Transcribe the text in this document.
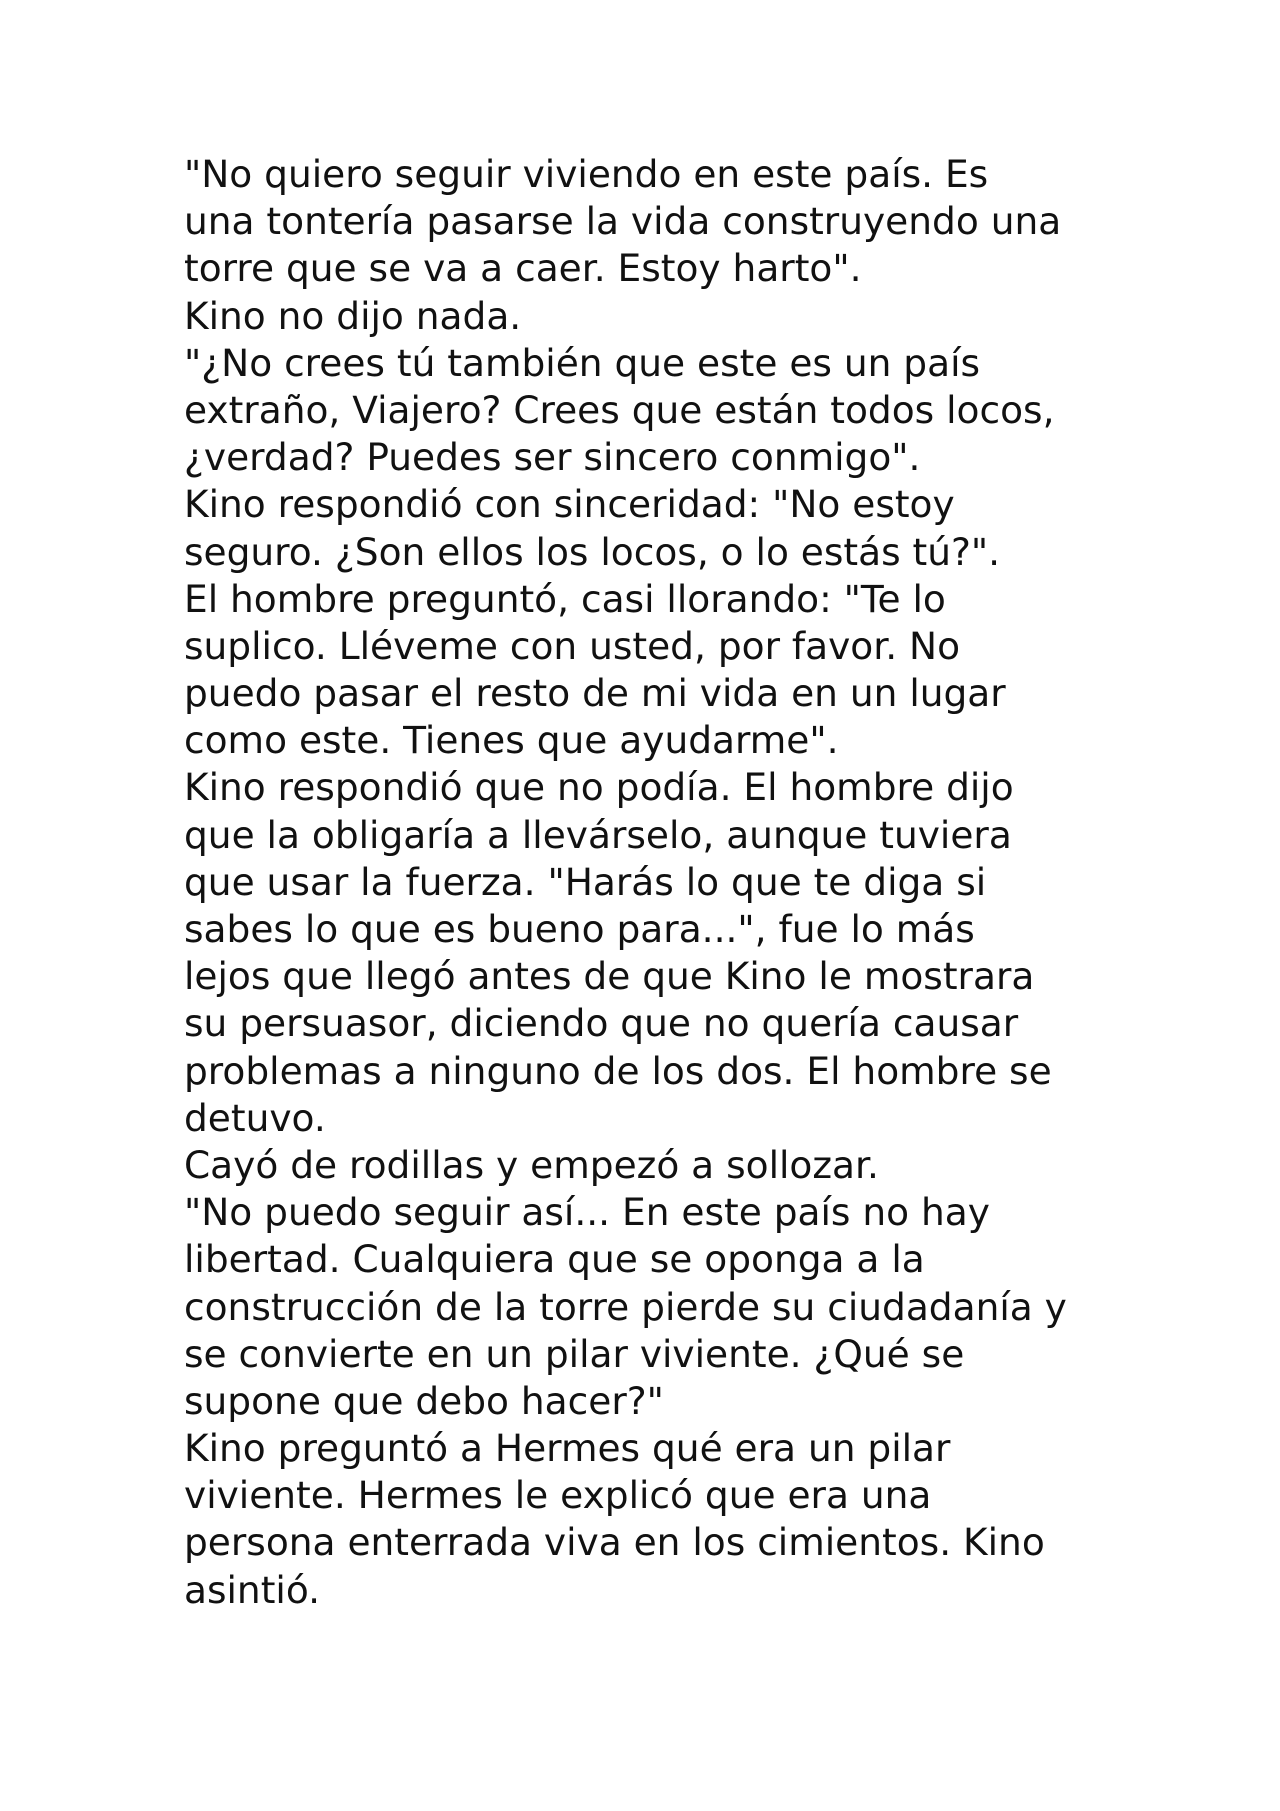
"No quiero seguir viviendo en este país. Es
una tontería pasarse la vida construyendo una
torre que se va a caer. Estoy harto".
Kino no dijo nada.
"¿No crees tú también que este es un país
extraño, Viajero? Crees que están todos locos,
¿verdad? Puedes ser sincero conmigo".
Kino respondió con sinceridad: "No estoy
seguro. ¿Son ellos los locos, o lo estás tú?".
El hombre preguntó, casi llorando: "Te lo
suplico. Lléveme con usted, por favor. No
puedo pasar el resto de mi vida en un lugar
como este. Tienes que ayudarme".
Kino respondió que no podía. El hombre dijo
que la obligaría a llevárselo, aunque tuviera
que usar la fuerza. "Harás lo que te diga si
sabes lo que es bueno para...", fue lo más
lejos que llegó antes de que Kino le mostrara
su persuasor, diciendo que no quería causar
problemas a ninguno de los dos. El hombre se
detuvo.
Cayó de rodillas y empezó a sollozar.
"No puedo seguir así... En este país no hay
libertad. Cualquiera que se oponga a la
construcción de la torre pierde su ciudadanía y
se convierte en un pilar viviente. ¿Qué se
supone que debo hacer?"
Kino preguntó a Hermes qué era un pilar
viviente. Hermes le explicó que era una
persona enterrada viva en los cimientos. Kino
asintió.
